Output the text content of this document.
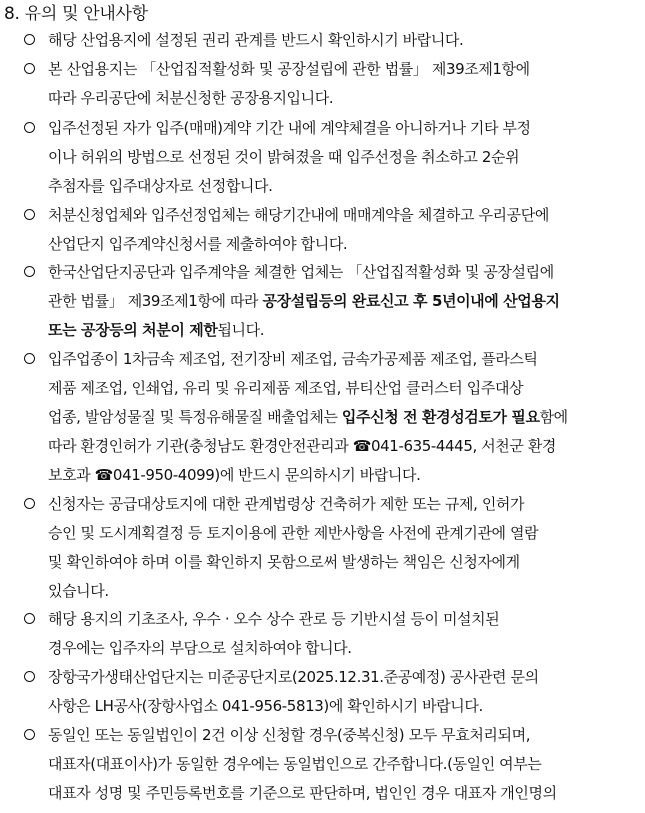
8. 유의 및 안내사항
해당 산업용지에 설정된 권리 관계를 반드시 확인하시기 바랍니다.
본 산업용지는 「산업집적활성화 및 공장설립에 관한 법률」 제39조제1항에
따라 우리공단에 처분신청한 공장용지입니다.
입주선정된 자가 입주(매매)계약 기간 내에 계약체결을 아니하거나 기타 부정
이나 허위의 방법으로 선정된 것이 밝혀졌을 때 입주선정을 취소하고 2순위
추첨자를 입주대상자로 선정합니다.
처분신청업체와 입주선정업체는 해당기간내에 매매계약을 체결하고 우리공단에
산업단지 입주계약신청서를 제출하여야 합니다.
한국산업단지공단과 입주계약을 체결한 업체는 「산업집적활성화 및 공장설립에
관한 법률」 제39조제1항에 따라 공장설립등의 완료신고 후 5년이내에 산업용지
또는 공장등의 처분이 제한됩니다.
입주업종이 1차금속 제조업, 전기장비 제조업, 금속가공제품 제조업, 플라스틱
제품 제조업, 인쇄업, 유리 및 유리제품 제조업, 뷰티산업 클러스터 입주대상
업종, 발암성물질 및 특정유해물질 배출업체는 입주신청 전 환경성검토가 필요함에
따라 환경인허가 기관(충청남도 환경안전관리과 ☎041-635-4445, 서천군 환경
보호과 ☎041-950-4099)에 반드시 문의하시기 바랍니다.
신청자는 공급대상토지에 대한 관계법령상 건축허가 제한 또는 규제, 인허가
승인 및 도시계획결정 등 토지이용에 관한 제반사항을 사전에 관계기관에 열람
및 확인하여야 하며 이를 확인하지 못함으로써 발생하는 책임은 신청자에게
있습니다.
해당 용지의 기초조사, 우수 · 오수 상수 관로 등 기반시설 등이 미설치된
경우에는 입주자의 부담으로 설치하여야 합니다.
장항국가생태산업단지는 미준공단지로(2025.12.31.준공예정) 공사관련 문의
사항은 LH공사(장항사업소 041-956-5813)에 확인하시기 바랍니다.
동일인 또는 동일법인이 2건 이상 신청할 경우(중복신청) 모두 무효처리되며,
대표자(대표이사)가 동일한 경우에는 동일법인으로 간주합니다.(동일인 여부는
대표자 성명 및 주민등록번호를 기준으로 판단하며, 법인인 경우 대표자 개인명의
